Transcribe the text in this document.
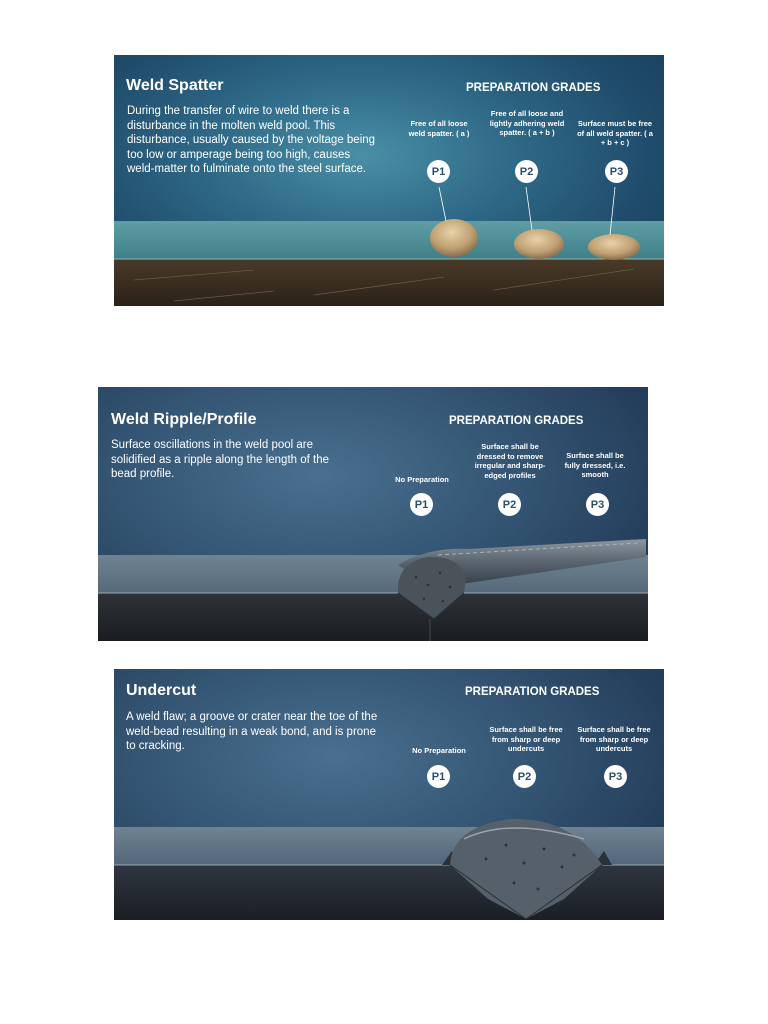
Weld Spatter
During the transfer of wire to weld there is a disturbance in the molten weld pool. This disturbance, usually caused by the voltage being too low or amperage being too high, causes weld-matter to fulminate onto the steel surface.
PREPARATION GRADES
Free of all loose weld spatter. ( a )
Free of all loose and lightly adhering weld spatter. ( a + b )
Surface must be free of all weld spatter. ( a + b + c )
P1	P2	P3
Weld Ripple/Profile
Surface oscillations in the weld pool are solidified as a ripple along the length of the bead profile.
PREPARATION GRADES
No Preparation
Surface shall be dressed to remove irregular and sharp-edged profiles
Surface shall be fully dressed, i.e. smooth
P1	P2	P3
Undercut
A weld flaw; a groove or crater near the toe of the weld-bead resulting in a weak bond, and is prone to cracking.
PREPARATION GRADES
No Preparation
Surface shall be free from sharp or deep undercuts
Surface shall be free from sharp or deep undercuts
P1	P2	P3
